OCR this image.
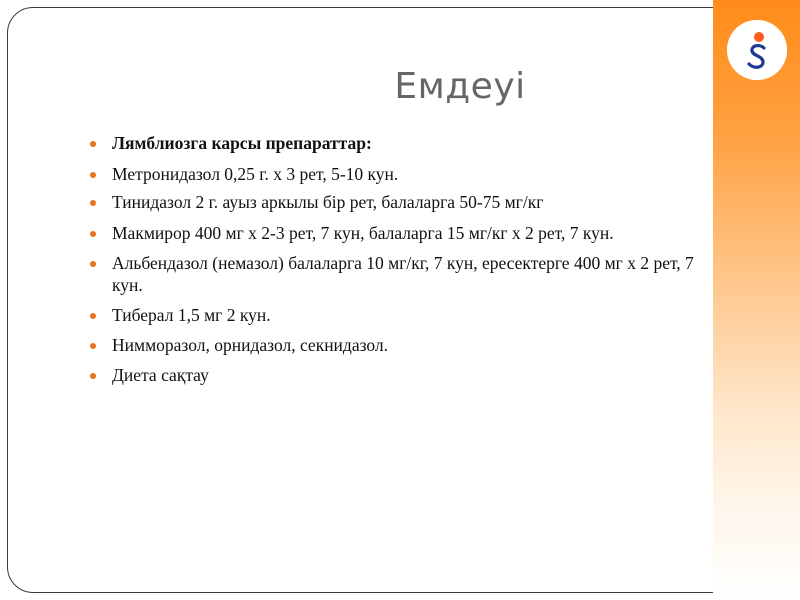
Емдеуі
Лямблиозга карсы препараттар:
Метронидазол 0,25 г. х 3 рет, 5-10 кун.
Тинидазол 2 г. ауыз аркылы бір рет, балаларга 50-75 мг/кг
Макмирор 400 мг х 2-3 рет, 7 кун, балаларга 15 мг/кг х 2 рет, 7 кун.
Альбендазол (немазол) балаларга 10 мг/кг, 7 кун, ересектерге 400 мг х 2 рет, 7 кун.
Тиберал 1,5 мг 2 кун.
Нимморазол, орнидазол, секнидазол.
Диета сақтау
